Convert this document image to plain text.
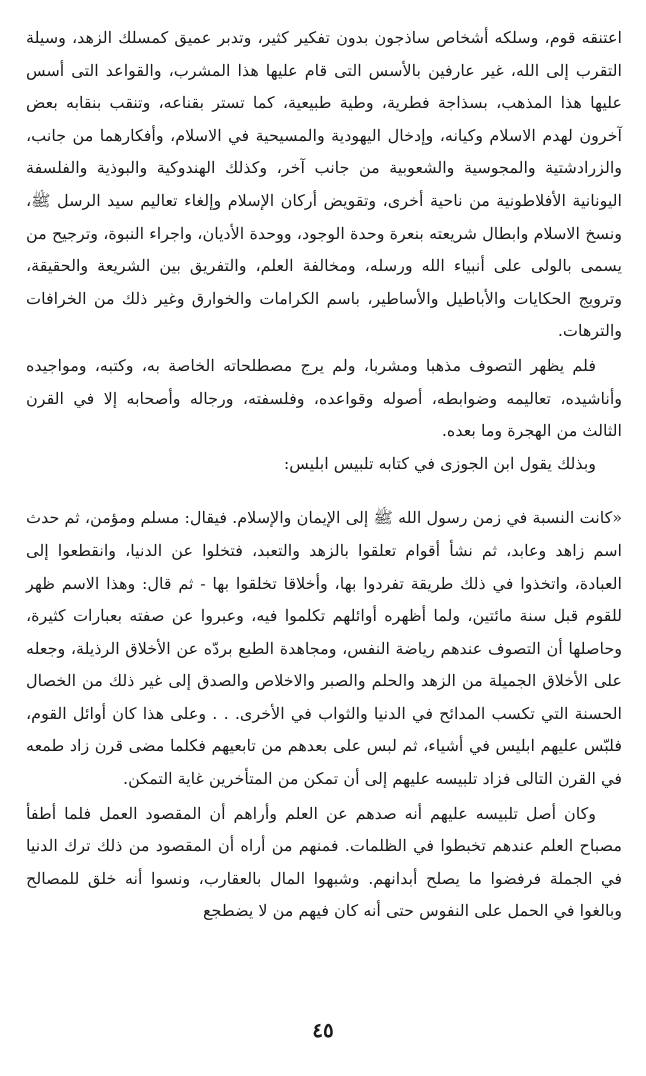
اعتنقه قوم، وسلكه أشخاص ساذجون بدون تفكير كثير، وتدبر عميق كمسلك الزهد، وسيلة التقرب إلى الله، غير عارفين بالأسس التى قام عليها هذا المشرب، والقواعد التى أسس عليها هذا المذهب، بسذاجة فطرية، وطية طبيعية، كما تستر بقناعه، وتنقب بنقابه بعض آخرون لهدم الاسلام وكيانه، وإدخال اليهودية والمسيحية في الاسلام، وأفكارهما من جانب، والزرادشتية والمجوسية والشعوبية من جانب آخر، وكذلك الهندوكية والبوذية والفلسفة اليونانية الأفلاطونية من ناحية أخرى، وتقويض أركان الإسلام وإلغاء تعاليم سيد الرسل ﷺ، ونسخ الاسلام وابطال شريعته بنعرة وحدة الوجود، ووحدة الأديان، واجراء النبوة، وترجيح من يسمى بالولى على أنبياء الله ورسله، ومخالفة العلم، والتفريق بين الشريعة والحقيقة، وترويج الحكايات والأباطيل والأساطير، باسم الكرامات والخوارق وغير ذلك من الخرافات والترهات.
فلم يظهر التصوف مذهبا ومشربا، ولم يرج مصطلحاته الخاصة به، وكتبه، ومواجيده وأناشيده، تعاليمه وضوابطه، أصوله وقواعده، وفلسفته، ورجاله وأصحابه إلا في القرن الثالث من الهجرة وما بعده.
وبذلك يقول ابن الجوزى في كتابه تلبيس ابليس:
«كانت النسبة في زمن رسول الله ﷺ إلى الإيمان والإسلام. فيقال: مسلم ومؤمن، ثم حدث اسم زاهد وعابد، ثم نشأ أقوام تعلقوا بالزهد والتعبد، فتخلوا عن الدنيا، وانقطعوا إلى العبادة، واتخذوا في ذلك طريقة تفردوا بها، وأخلاقا تخلقوا بها - ثم قال: وهذا الاسم ظهر للقوم قبل سنة مائتين، ولما أظهره أوائلهم تكلموا فيه، وعبروا عن صفته بعبارات كثيرة، وحاصلها أن التصوف عندهم رياضة النفس، ومجاهدة الطبع بردّه عن الأخلاق الرذيلة، وجعله على الأخلاق الجميلة من الزهد والحلم والصبر والاخلاص والصدق إلى غير ذلك من الخصال الحسنة التي تكسب المدائح في الدنيا والثواب في الأخرى. . . وعلى هذا كان أوائل القوم، فلبّس عليهم ابليس في أشياء، ثم لبس على بعدهم من تابعيهم فكلما مضى قرن زاد طمعه في القرن التالى فزاد تلبيسه عليهم إلى أن تمكن من المتأخرين غاية التمكن.
وكان أصل تلبيسه عليهم أنه صدهم عن العلم وأراهم أن المقصود العمل فلما أطفأ مصباح العلم عندهم تخبطوا في الظلمات. فمنهم من أراه أن المقصود من ذلك ترك الدنيا في الجملة فرفضوا ما يصلح أبدانهم. وشبهوا المال بالعقارب، ونسوا أنه خلق للمصالح وبالغوا في الحمل على النفوس حتى أنه كان فيهم من لا يضطجع
٤٥
